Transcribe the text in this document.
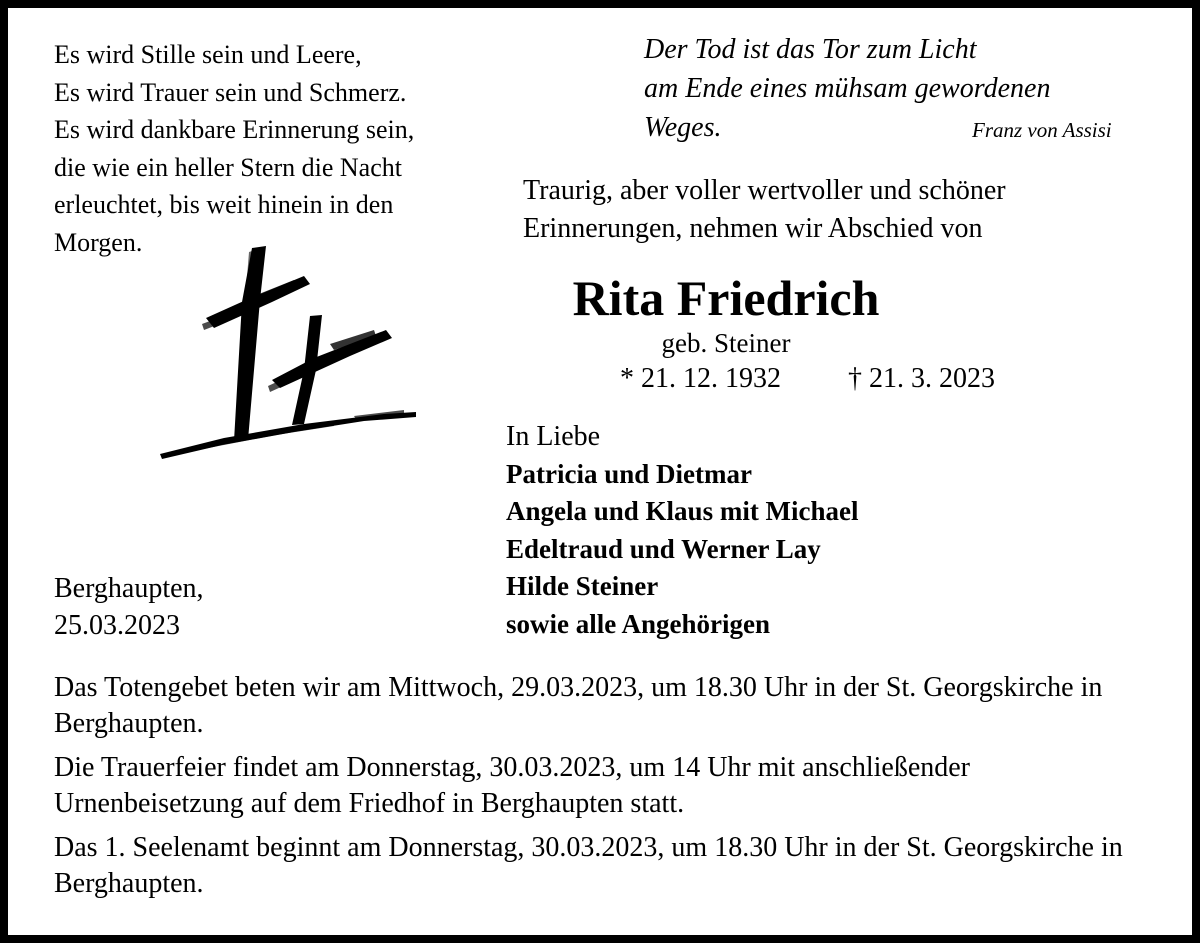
Es wird Stille sein und Leere,
Es wird Trauer sein und Schmerz.
Es wird dankbare Erinnerung sein,
die wie ein heller Stern die Nacht
erleuchtet, bis weit hinein in den
Morgen.
Der Tod ist das Tor zum Licht
am Ende eines mühsam gewordenen
Weges.	Franz von Assisi
Traurig, aber voller wertvoller und schöner
Erinnerungen, nehmen wir Abschied von
Rita Friedrich
geb. Steiner
* 21. 12. 1932 † 21. 3. 2023
In Liebe
Patricia und Dietmar
Angela und Klaus mit Michael
Edeltraud und Werner Lay
Hilde Steiner
sowie alle Angehörigen
Berghaupten,
25.03.2023

Das Totengebet beten wir am Mittwoch, 29.03.2023, um 18.30 Uhr in der St. Georgskirche in Berghaupten.

Die Trauerfeier findet am Donnerstag, 30.03.2023, um 14 Uhr mit anschließender Urnenbeisetzung auf dem Friedhof in Berghaupten statt.

Das 1. Seelenamt beginnt am Donnerstag, 30.03.2023, um 18.30 Uhr in der St. Georgskirche in Berghaupten.
